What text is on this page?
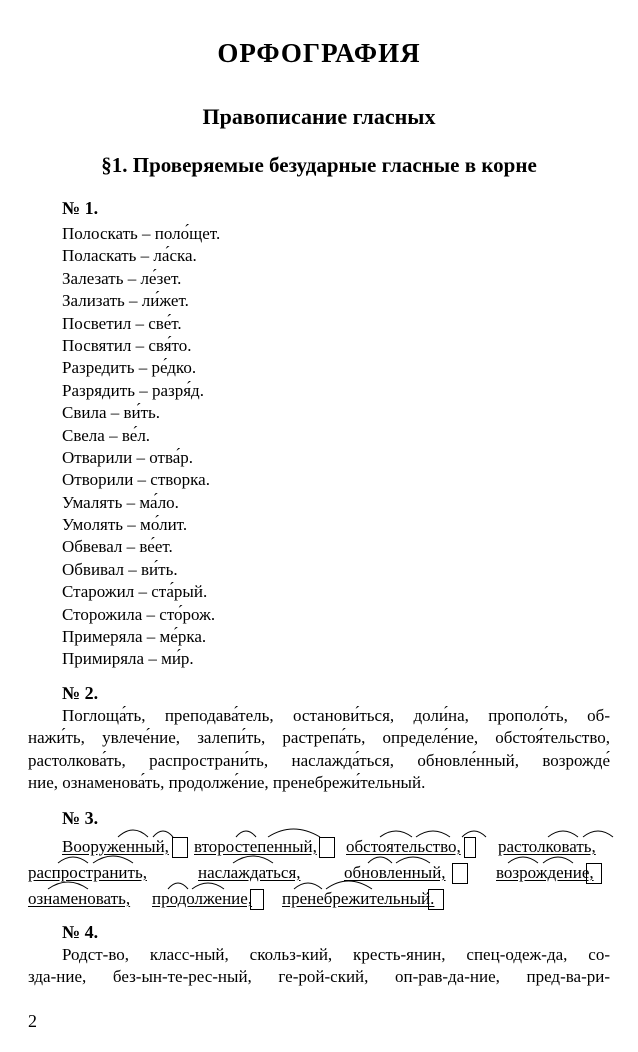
ОРФОГРАФИЯ
Правописание гласных
§1. Проверяемые безударные гласные в корне
№ 1.
Полоскать – поло́щет.
Поласкать – ла́ска.
Залезать – ле́зет.
Зализать – ли́жет.
Посветил – све́т.
Посвятил – свя́то.
Разредить – ре́дко.
Разрядить – разря́д.
Свила – ви́ть.
Свела – ве́л.
Отварили – отва́р.
Отворили – створка.
Умалять – ма́ло.
Умолять – мо́лит.
Обвевал – ве́ет.
Обвивал – ви́ть.
Старожил – ста́рый.
Сторожила – сто́рож.
Примеряла – ме́рка.
Примиряла – ми́р.
№ 2.

Поглоща́ть, преподава́тель, останови́ться, доли́на, прополо́ть, об-

нажи́ть, увлече́ние, залепи́ть, растрепа́ть, определе́ние, обстоя́тельство,

растолкова́ть, распространи́ть, наслажда́ться, обновле́нный, возрожде́

ние, ознаменова́ть, продолже́ние, пренебрежи́тельный.

№ 3.
Вооруженный, второстепенный, обстоятельство, растолковать,
распространить,	наслаждаться,	обновленный,	возрождение,
ознаменовать, продолжение, пренебрежительный.
№ 4.

Родст-во, класс-ный, скольз-кий, кресть-янин, спец-одеж-да, со-

зда-ние, без-ын-те-рес-ный, ге-рой-ский, оп-рав-да-ние, пред-ва-ри-

2
